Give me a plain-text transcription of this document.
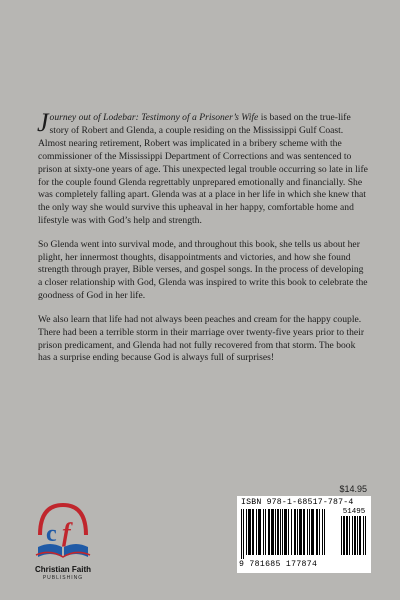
Journey out of Lodebar: Testimony of a Prisoner’s Wife is based on the true-life story of Robert and Glenda, a couple residing on the Mississippi Gulf Coast. Almost nearing retirement, Robert was implicated in a bribery scheme with the commissioner of the Mississippi Department of Corrections and was sentenced to prison at sixty-one years of age. This unexpected legal trouble occurring so late in life for the couple found Glenda regrettably unprepared emotionally and financially. She was completely falling apart. Glenda was at a place in her life in which she knew that the only way she would survive this upheaval in her happy, comfortable home and lifestyle was with God’s help and strength.

So Glenda went into survival mode, and throughout this book, she tells us about her plight, her innermost thoughts, disappointments and victories, and how she found strength through prayer, Bible verses, and gospel songs. In the process of developing a closer relationship with God, Glenda was inspired to write this book to celebrate the goodness of God in her life.

We also learn that life had not always been peaches and cream for the happy couple. There had been a terrible storm in their marriage over twenty-five years prior to their prison predicament, and Glenda had not fully recovered from that storm. The book has a surprise ending because God is always full of surprises!

$14.95
c f
Christian Faith
PUBLISHING
ISBN 978-1-68517-787-4
51495
9 781685 177874
